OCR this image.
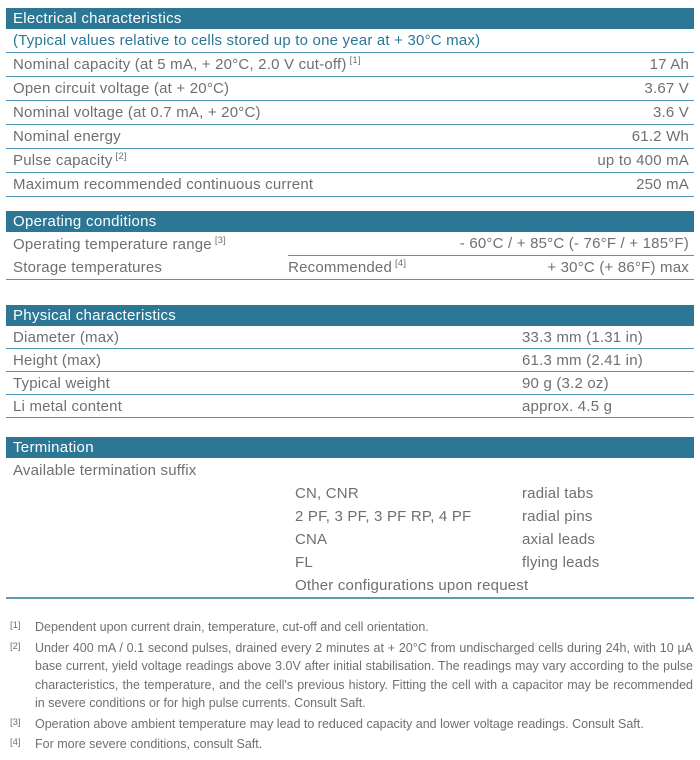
Electrical characteristics
(Typical values relative to cells stored up to one year at + 30°C max)
Nominal capacity (at 5 mA, + 20°C, 2.0 V cut-off) [1]	17 Ah
Open circuit voltage (at + 20°C)	3.67 V
Nominal voltage (at 0.7 mA, + 20°C)	3.6 V
Nominal energy	61.2 Wh
Pulse capacity [2]	up to 400 mA
Maximum recommended continuous current	250 mA
Operating conditions
Operating temperature range [3]	- 60°C / + 85°C (- 76°F / + 185°F)
Storage temperatures	Recommended [4]	+ 30°C (+ 86°F) max
Physical characteristics
Diameter (max)	33.3 mm (1.31 in)
Height (max)	61.3 mm (2.41 in)
Typical weight	90 g (3.2 oz)
Li metal content	approx. 4.5 g
Termination
Available termination suffix
CN, CNR	radial tabs
2 PF, 3 PF, 3 PF RP, 4 PF	radial pins
CNA	axial leads
FL	flying leads
Other configurations upon request
[1]	Dependent upon current drain, temperature, cut-off and cell orientation.
[2]	Under 400 mA / 0.1 second pulses, drained every 2 minutes at + 20°C from undischarged cells during 24h, with 10 µA base current, yield voltage readings above 3.0V after initial stabilisation. The readings may vary according to the pulse characteristics, the temperature, and the cell's previous history. Fitting the cell with a capacitor may be recommended in severe conditions or for high pulse currents. Consult Saft.
[3]	Operation above ambient temperature may lead to reduced capacity and lower voltage readings. Consult Saft.
[4]	For more severe conditions, consult Saft.
